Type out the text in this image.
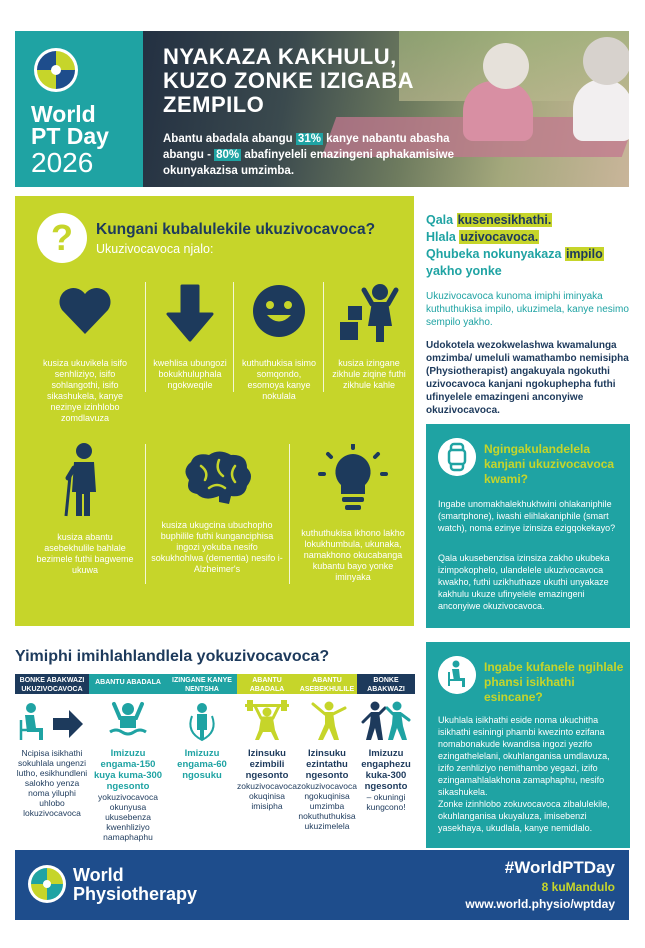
World
PT Day
2026
NYAKAZA KAKHULU, KUZO ZONKE IZIGABA ZEMPILO
Abantu abadala abangu 31% kanye nabantu abasha abangu - 80% abafinyeleli emazingeni aphakamisiwe okunyakazisa umzimba.
?	Kungani kubalulekile ukuzivocavoca?
Ukuzivocavoca njalo:
kusiza ukuvikela isifo senhliziyo, isifo sohlangothi, isifo sikashukela, kanye nezinye izinhlobo zomdlavuza
kwehlisa ubungozi bokukhuluphala ngokweqile
kuthuthukisa isimo somqondo, esomoya kanye nokulala
kusiza izingane zikhule ziqine futhi zikhule kahle
kusiza abantu asebekhulile bahlale bezimele futhi bagweme ukuwa
kusiza ukugcina ubuchopho buphilile futhi kunganciphisa ingozi yokuba nesifo sokukhohlwa (dementia) nesifo i-Alzheimer's
kuthuthukisa ikhono lakho lokukhumbula, ukunaka, namakhono okucabanga kubantu bayo yonke iminyaka
Qala kusenesikhathi.
Hlala uzivocavoca.
Qhubeka nokunyakaza impilo yakho yonke
Ukuzivocavoca kunoma imiphi iminyaka kuthuthukisa impilo, ukuzimela, kanye nesimo sempilo yakho.
Udokotela wezokwelashwa kwamalunga omzimba/ umeluli wamathambo nemisipha (Physiotherapist) angakuyala ngokuthi uzivocavoca kanjani ngokuphepha futhi ufinyelele emazingeni anconyiwe okuzivocavoca.
Ngingakulandelela kanjani ukuzivocavoca kwami?
Ingabe unomakhalekhukhwini ohlakaniphile (smartphone), iwashi elihlakaniphile (smart watch), noma ezinye izinsiza ezigqokekayo?
Qala ukusebenzisa izinsiza zakho ukubeka izimpokophelo, ulandelele ukuzivocavoca kwakho, futhi uzikhuthaze ukuthi unyakaze kakhulu ukuze ufinyelele emazingeni anconyiwe okuzivocavoca.
Ingabe kufanele ngihlale phansi isikhathi esincane?
Ukuhlala isikhathi eside noma ukuchitha isikhathi esiningi phambi kwezinto ezifana nomabonakude kwandisa ingozi yezifo ezingathelelani, okuhlanganisa umdlavuza, izifo zenhliziyo nemithambo yegazi, izifo ezingamahlalakhona zamaphaphu, nesifo sikashukela.
Zonke izinhlobo zokuvocavoca zibalulekile, okuhlanganisa ukuyaluza, imisebenzi yasekhaya, ukudlala, kanye nemidlalo.
Yimiphi imihlahlandlela yokuzivocavoca?
BONKE ABAKWAZI UKUZIVOCAVOCA
ABANTU ABADALA	IZINGANE KANYE NENTSHA
ABANTU ABADALA
ABANTU ASEBEKHULILE
BONKE ABAKWAZI UKUZIVOCAVOCA
Ncipisa isikhathi sokuhlala ungenzi lutho, esikhundleni salokho yenza noma yiluphi uhlobo lokuzivocavoca
Imizuzu engama-150 kuya kuma-300 ngesonto
yokuzivocavoca okunyusa ukusebenza kwenhliziyo namaphaphu
Imizuzu engama-60 ngosuku
Izinsuku ezimbili ngesonto
zokuzivocavoca okuqinisa imisipha
Izinsuku ezintathu ngesonto
zokuzivocavoca ngokuqinisa umzimba nokuthuthukisa ukuzimelela
Imizuzu engaphezu kuka-300 ngesonto
– okuningi kungcono!
World
Physiotherapy
#WorldPTDay
8 kuMandulo
www.world.physio/wptday
